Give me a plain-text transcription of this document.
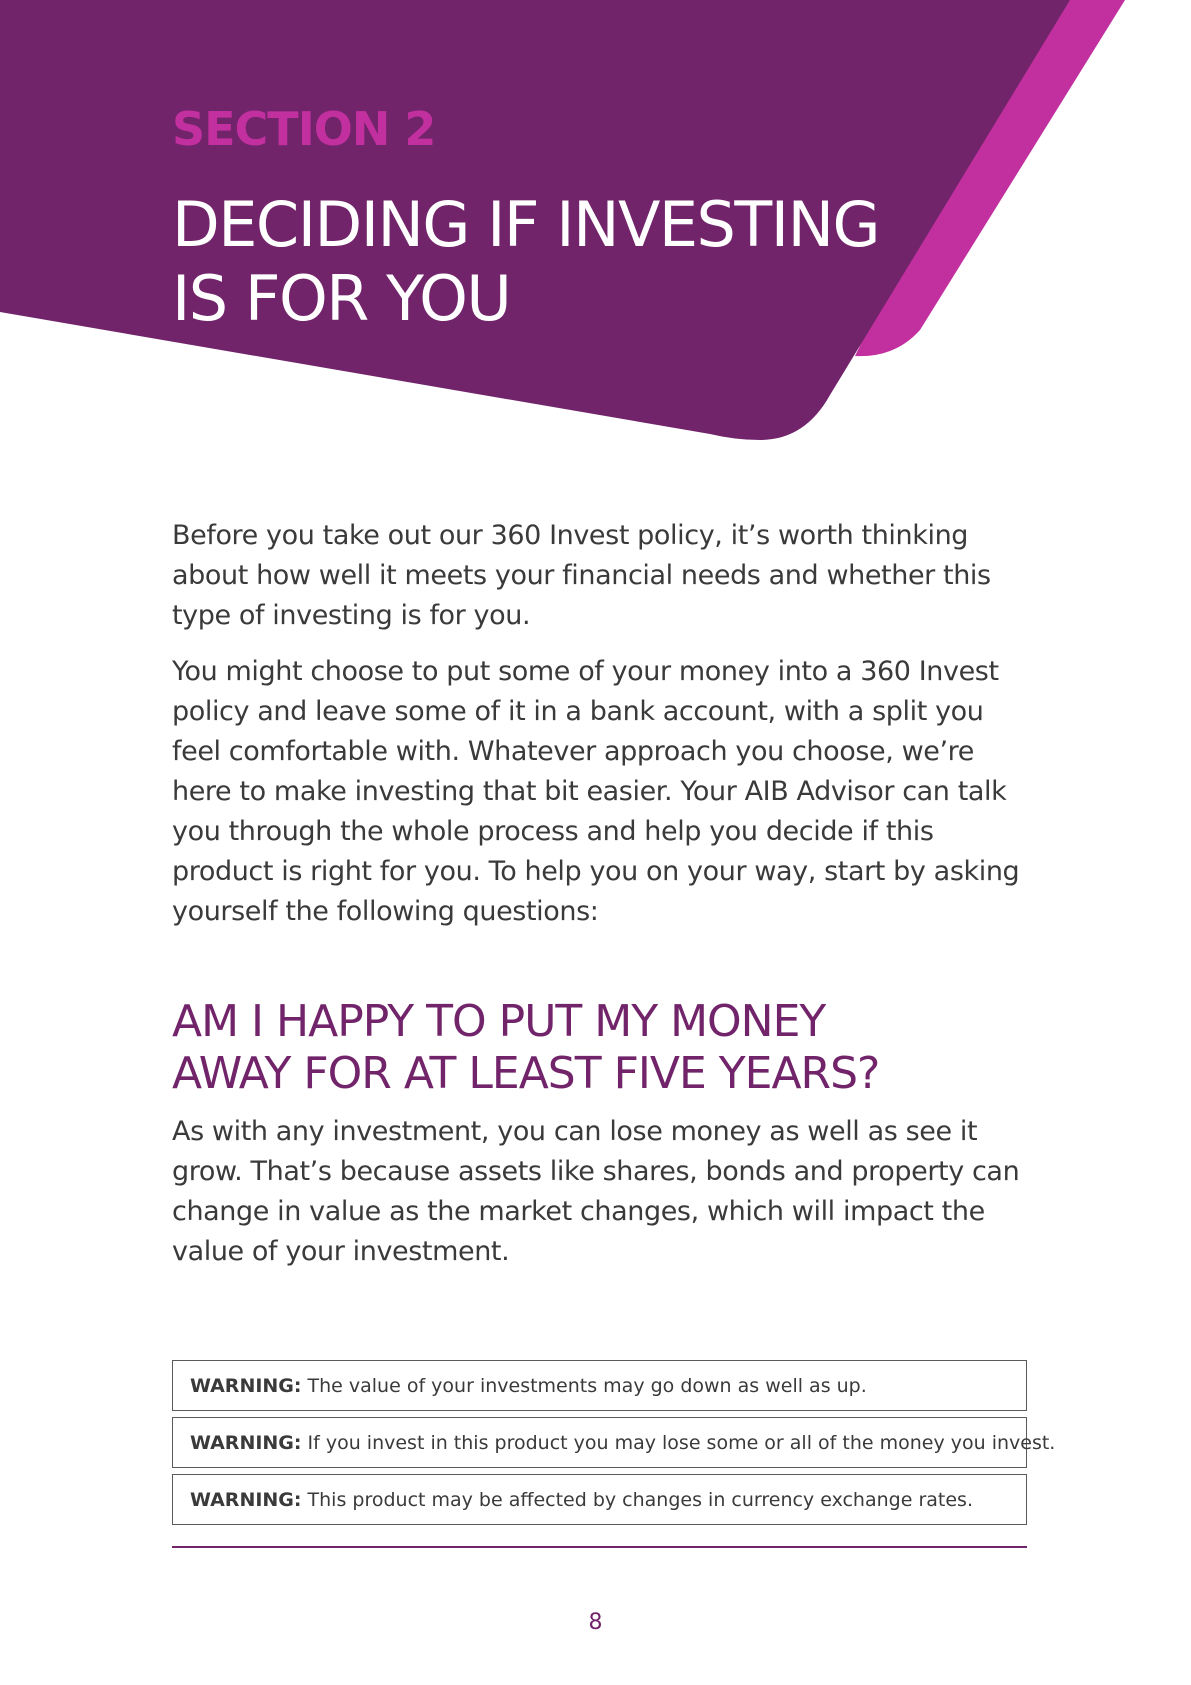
SECTION 2
DECIDING IF INVESTING
IS FOR YOU

Before you take out our 360 Invest policy, it’s worth thinking about how well it meets your financial needs and whether this type of investing is for you.

You might choose to put some of your money into a 360 Invest policy and leave some of it in a bank account, with a split you feel comfortable with. Whatever approach you choose, we’re here to make investing that bit easier. Your AIB Advisor can talk you through the whole process and help you decide if this product is right for you. To help you on your way, start by asking yourself the following questions:

AM I HAPPY TO PUT MY MONEY
AWAY FOR AT LEAST FIVE YEARS?

As with any investment, you can lose money as well as see it grow. That’s because assets like shares, bonds and property can change in value as the market changes, which will impact the value of your investment.

WARNING: The value of your investments may go down as well as up.
WARNING: If you invest in this product you may lose some or all of the money you invest.
WARNING: This product may be affected by changes in currency exchange rates.
8
